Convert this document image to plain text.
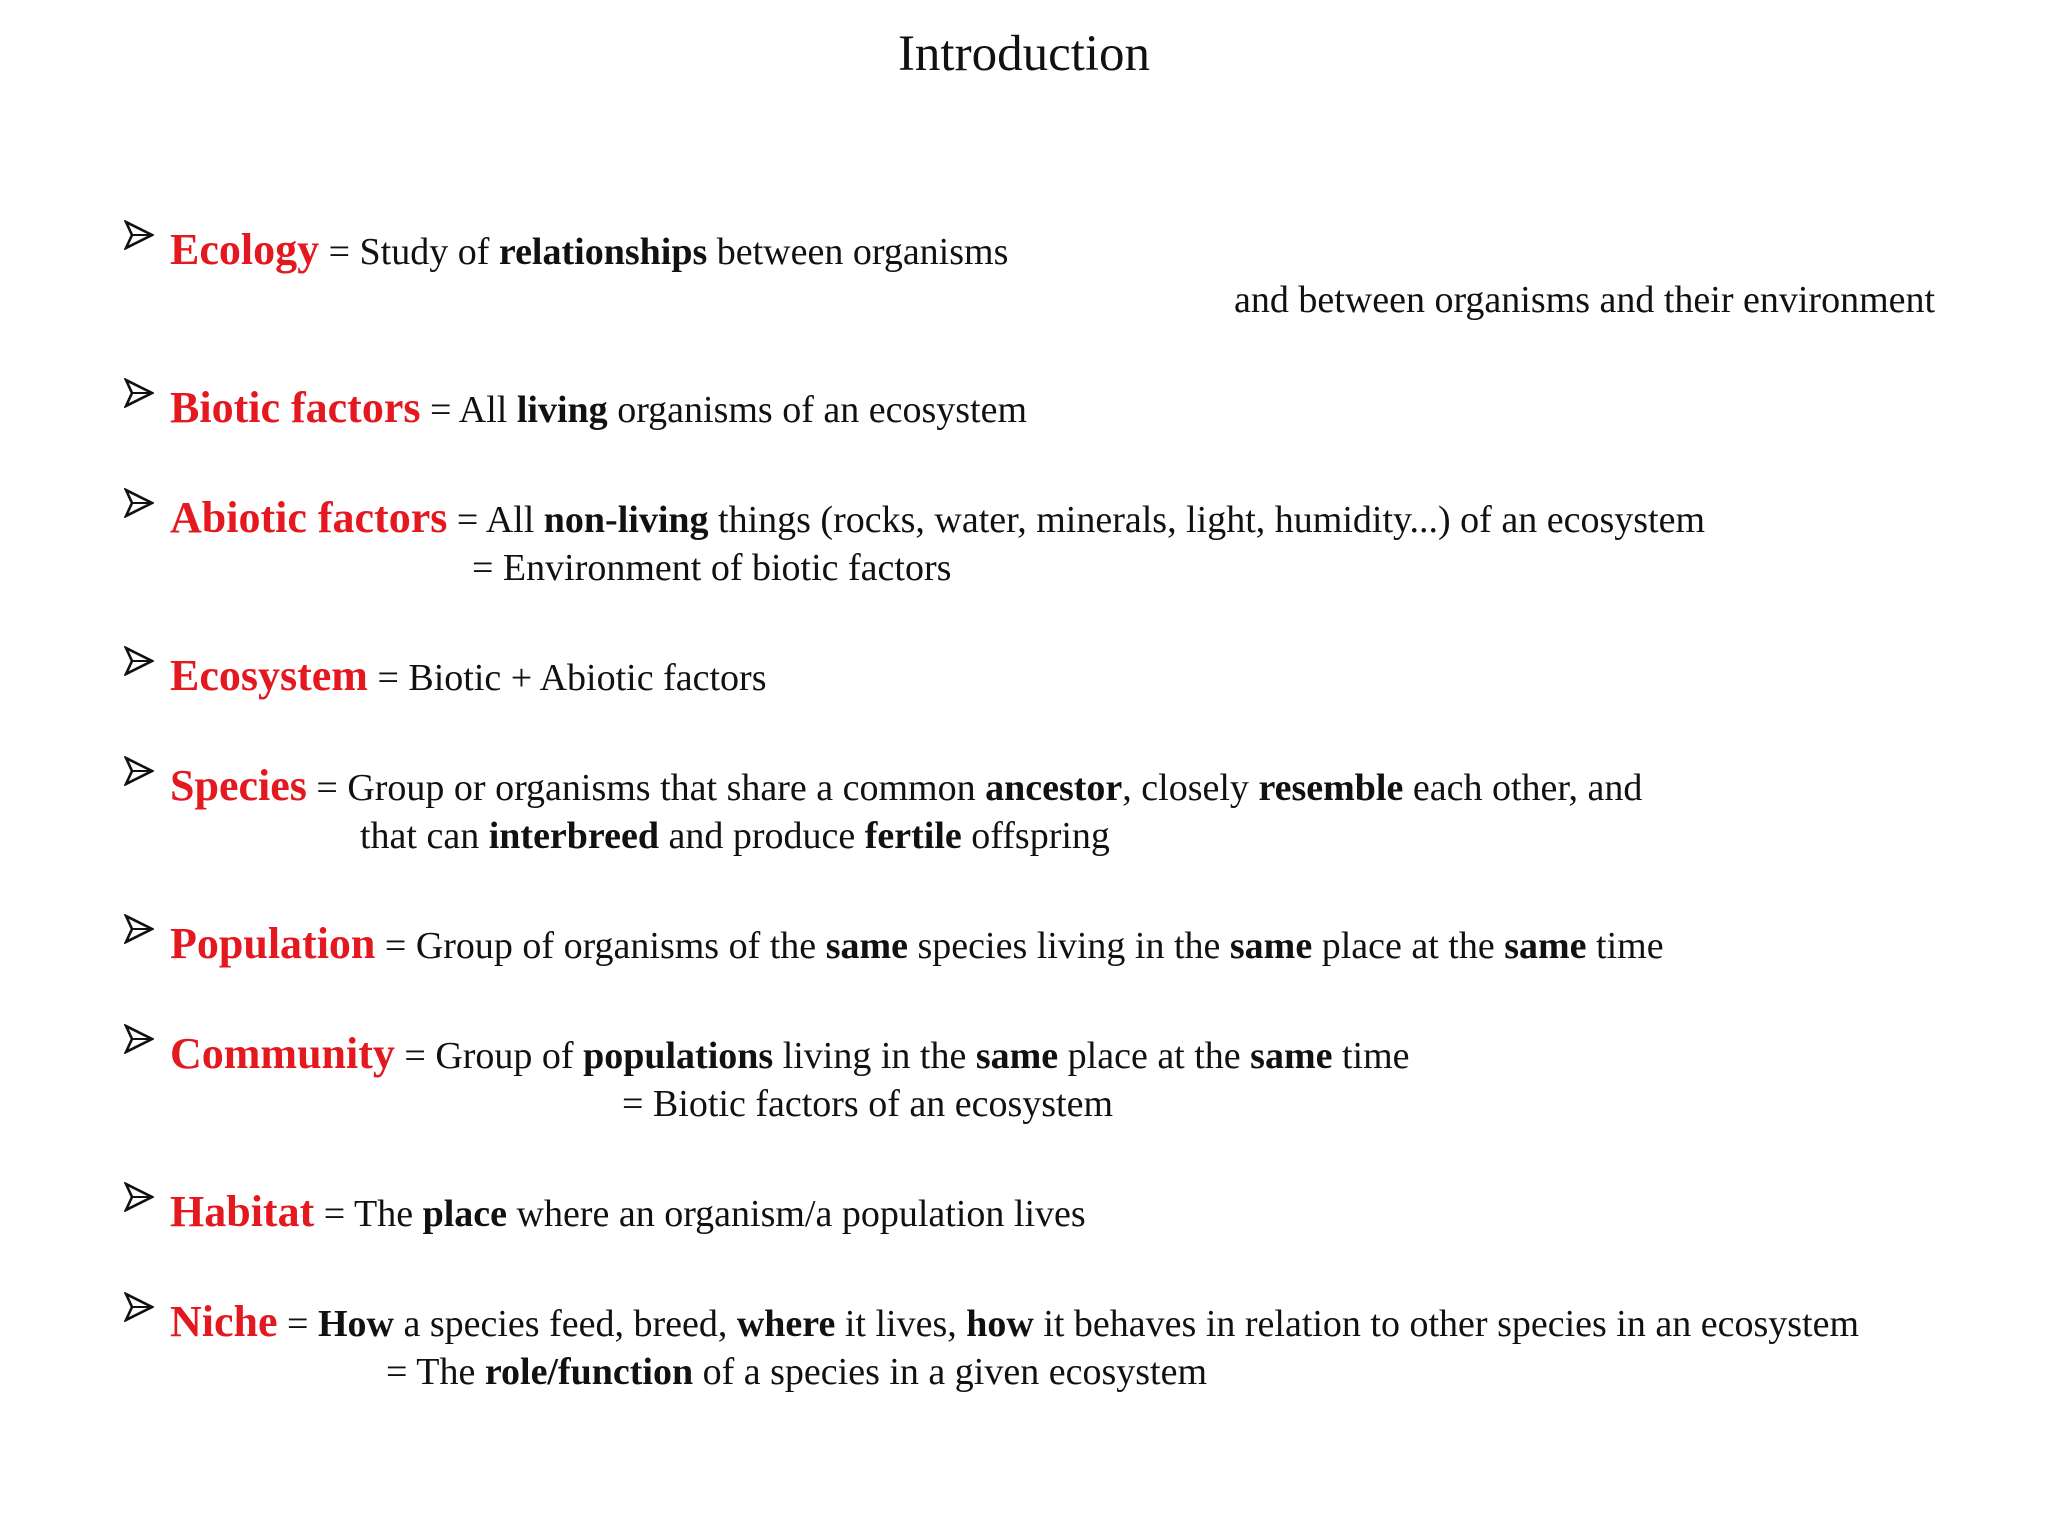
Introduction
Ecology = Study of relationships between organisms
and between organisms and their environment
Biotic factors = All living organisms of an ecosystem
Abiotic factors = All non-living things (rocks, water, minerals, light, humidity...) of an ecosystem
= Environment of biotic factors
Ecosystem = Biotic + Abiotic factors
Species = Group or organisms that share a common ancestor, closely resemble each other, and
that can interbreed and produce fertile offspring
Population = Group of organisms of the same species living in the same place at the same time
Community = Group of populations living in the same place at the same time
= Biotic factors of an ecosystem
Habitat = The place where an organism/a population lives
Niche = How a species feed, breed, where it lives, how it behaves in relation to other species in an ecosystem
= The role/function of a species in a given ecosystem
